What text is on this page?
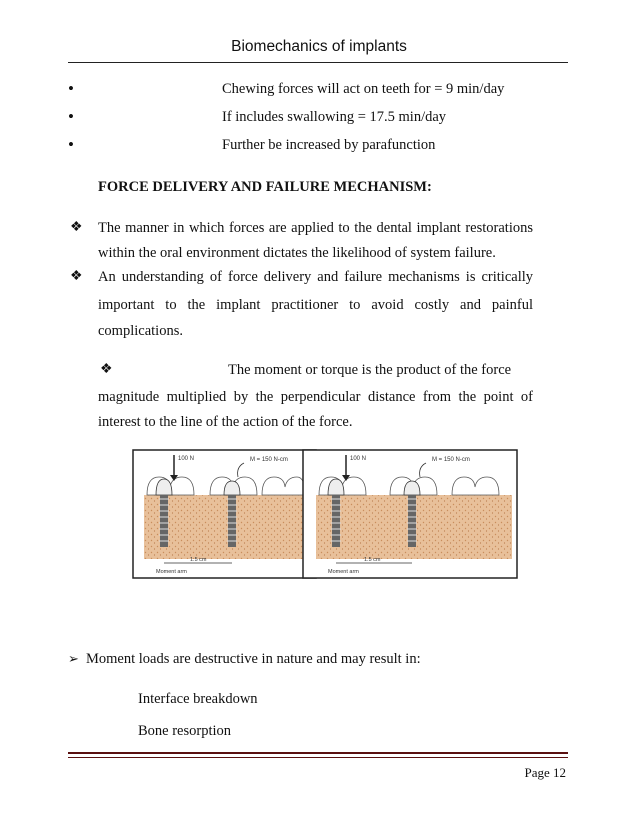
Biomechanics of implants
•	Chewing forces will act on teeth for = 9 min/day
•	If includes swallowing = 17.5 min/day
•	Further be increased by parafunction
FORCE DELIVERY AND FAILURE MECHANISM:
❖ The manner in which forces are applied to the dental implant restorations
within the oral environment dictates the likelihood of system failure.
❖ An understanding of force delivery and failure mechanisms is critically
important to the implant practitioner to avoid costly and painful
complications.
❖	The moment or torque is the product of the force
magnitude multiplied by the perpendicular distance from the point of
interest to the line of the action of the force.
100 N	M = 150 N-cm
1.5 cm
Moment arm
100 N	M = 150 N-cm
1.5 cm
Moment arm
➢ Moment loads are destructive in nature and may result in:
Interface breakdown
Bone resorption
Page 12
